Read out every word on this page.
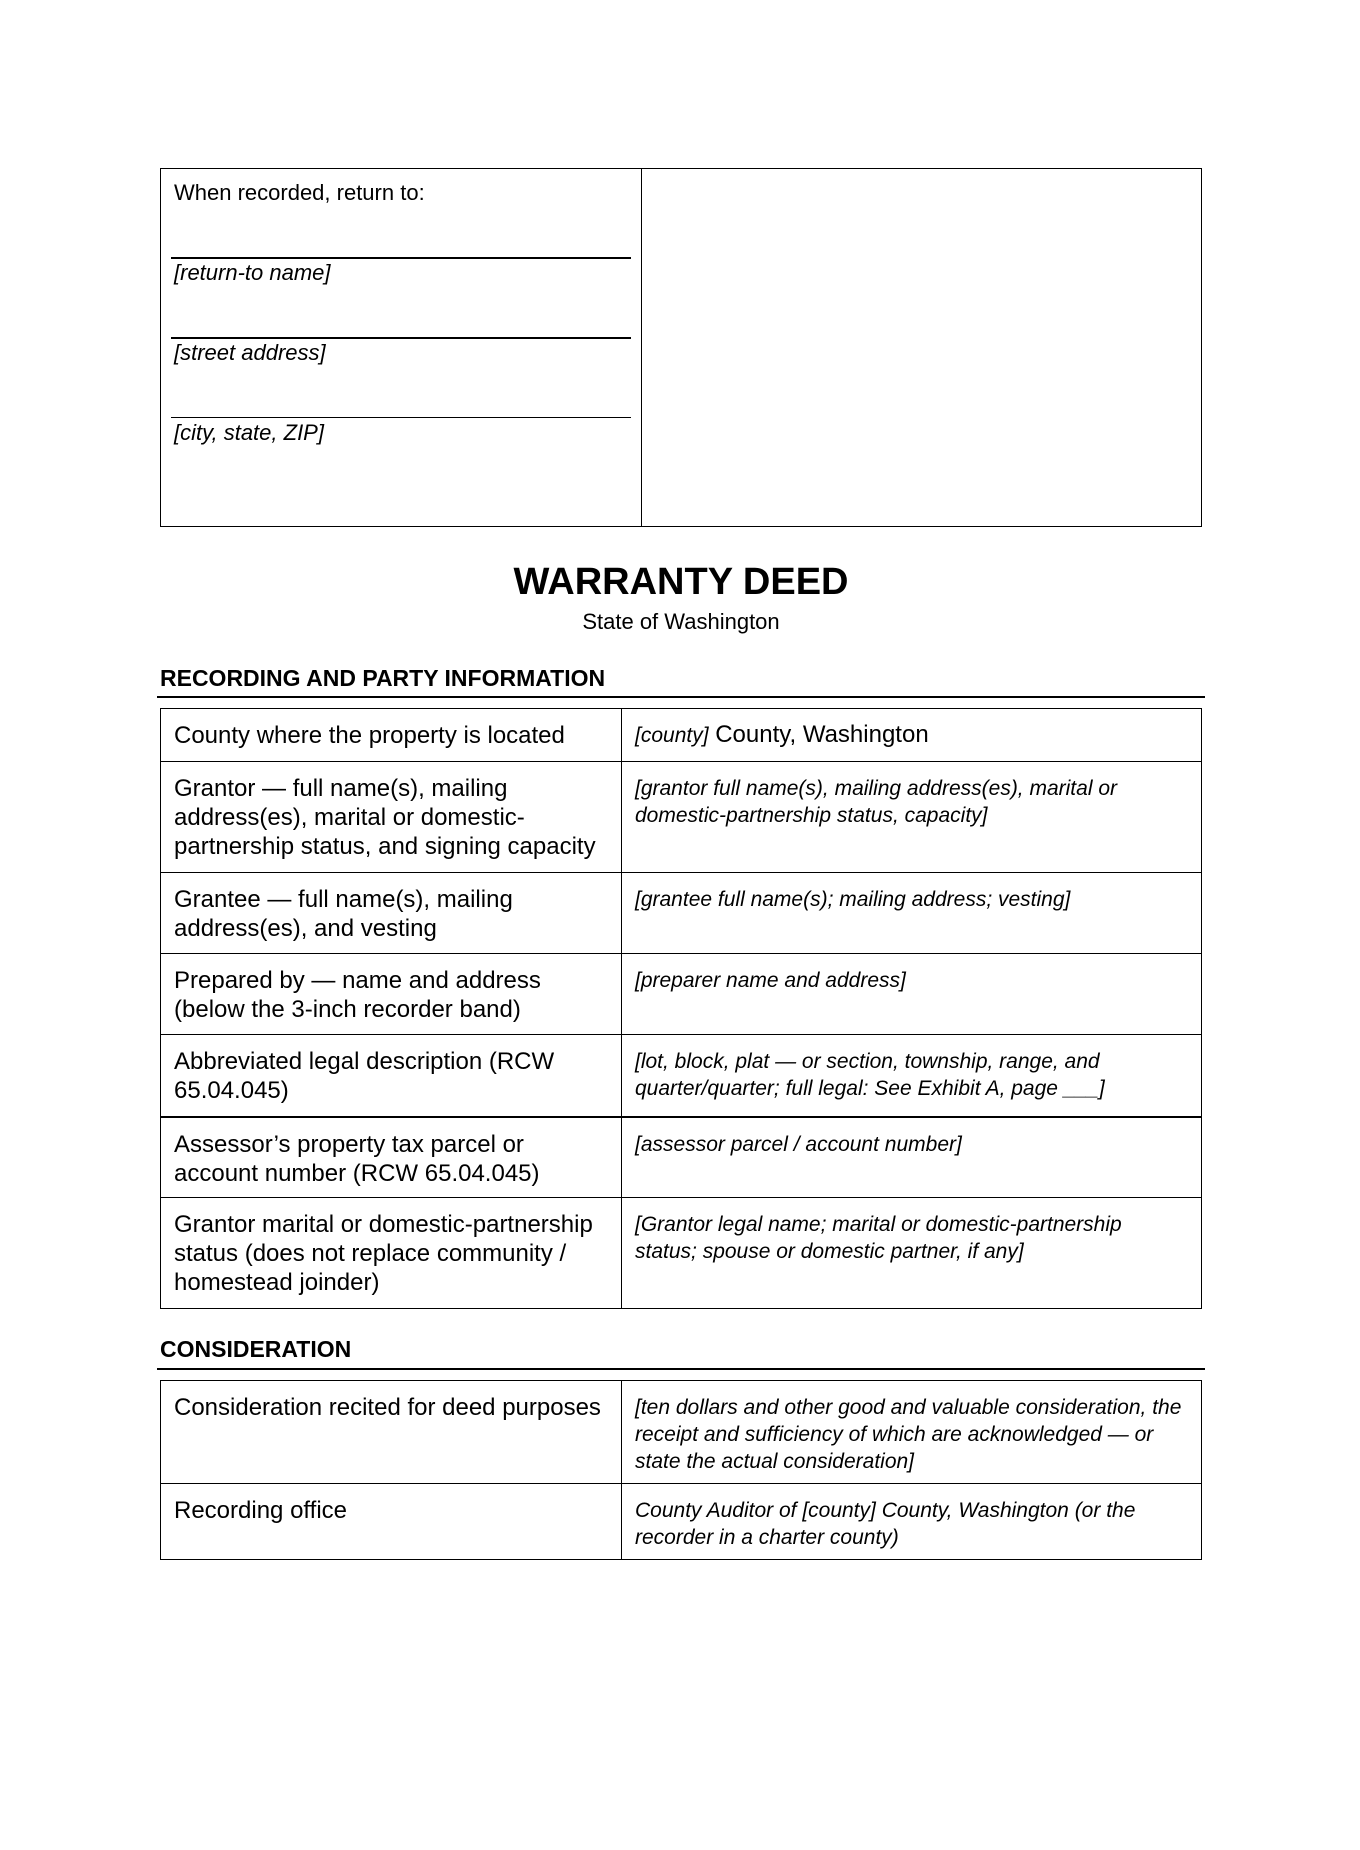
When recorded, return to:
[return-to name]
[street address]
[city, state, ZIP]
WARRANTY DEED
State of Washington
RECORDING AND PARTY INFORMATION
County where the property is located	[county] County, Washington
Grantor — full name(s), mailing address(es), marital or domestic-partnership status, and signing capacity	[grantor full name(s), mailing address(es), marital or domestic-partnership status, capacity]
Grantee — full name(s), mailing address(es), and vesting	[grantee full name(s); mailing address; vesting]
Prepared by — name and address (below the 3-inch recorder band)	[preparer name and address]
Abbreviated legal description (RCW 65.04.045)	[lot, block, plat — or section, township, range, and quarter/quarter; full legal: See Exhibit A, page ___]
Assessor’s property tax parcel or account number (RCW 65.04.045)	[assessor parcel / account number]
Grantor marital or domestic-partnership status (does not replace community / homestead joinder)	[Grantor legal name; marital or domestic-partnership status; spouse or domestic partner, if any]
CONSIDERATION
Consideration recited for deed purposes	[ten dollars and other good and valuable consideration, the receipt and sufficiency of which are acknowledged — or state the actual consideration]
Recording office	County Auditor of [county] County, Washington (or the recorder in a charter county)
